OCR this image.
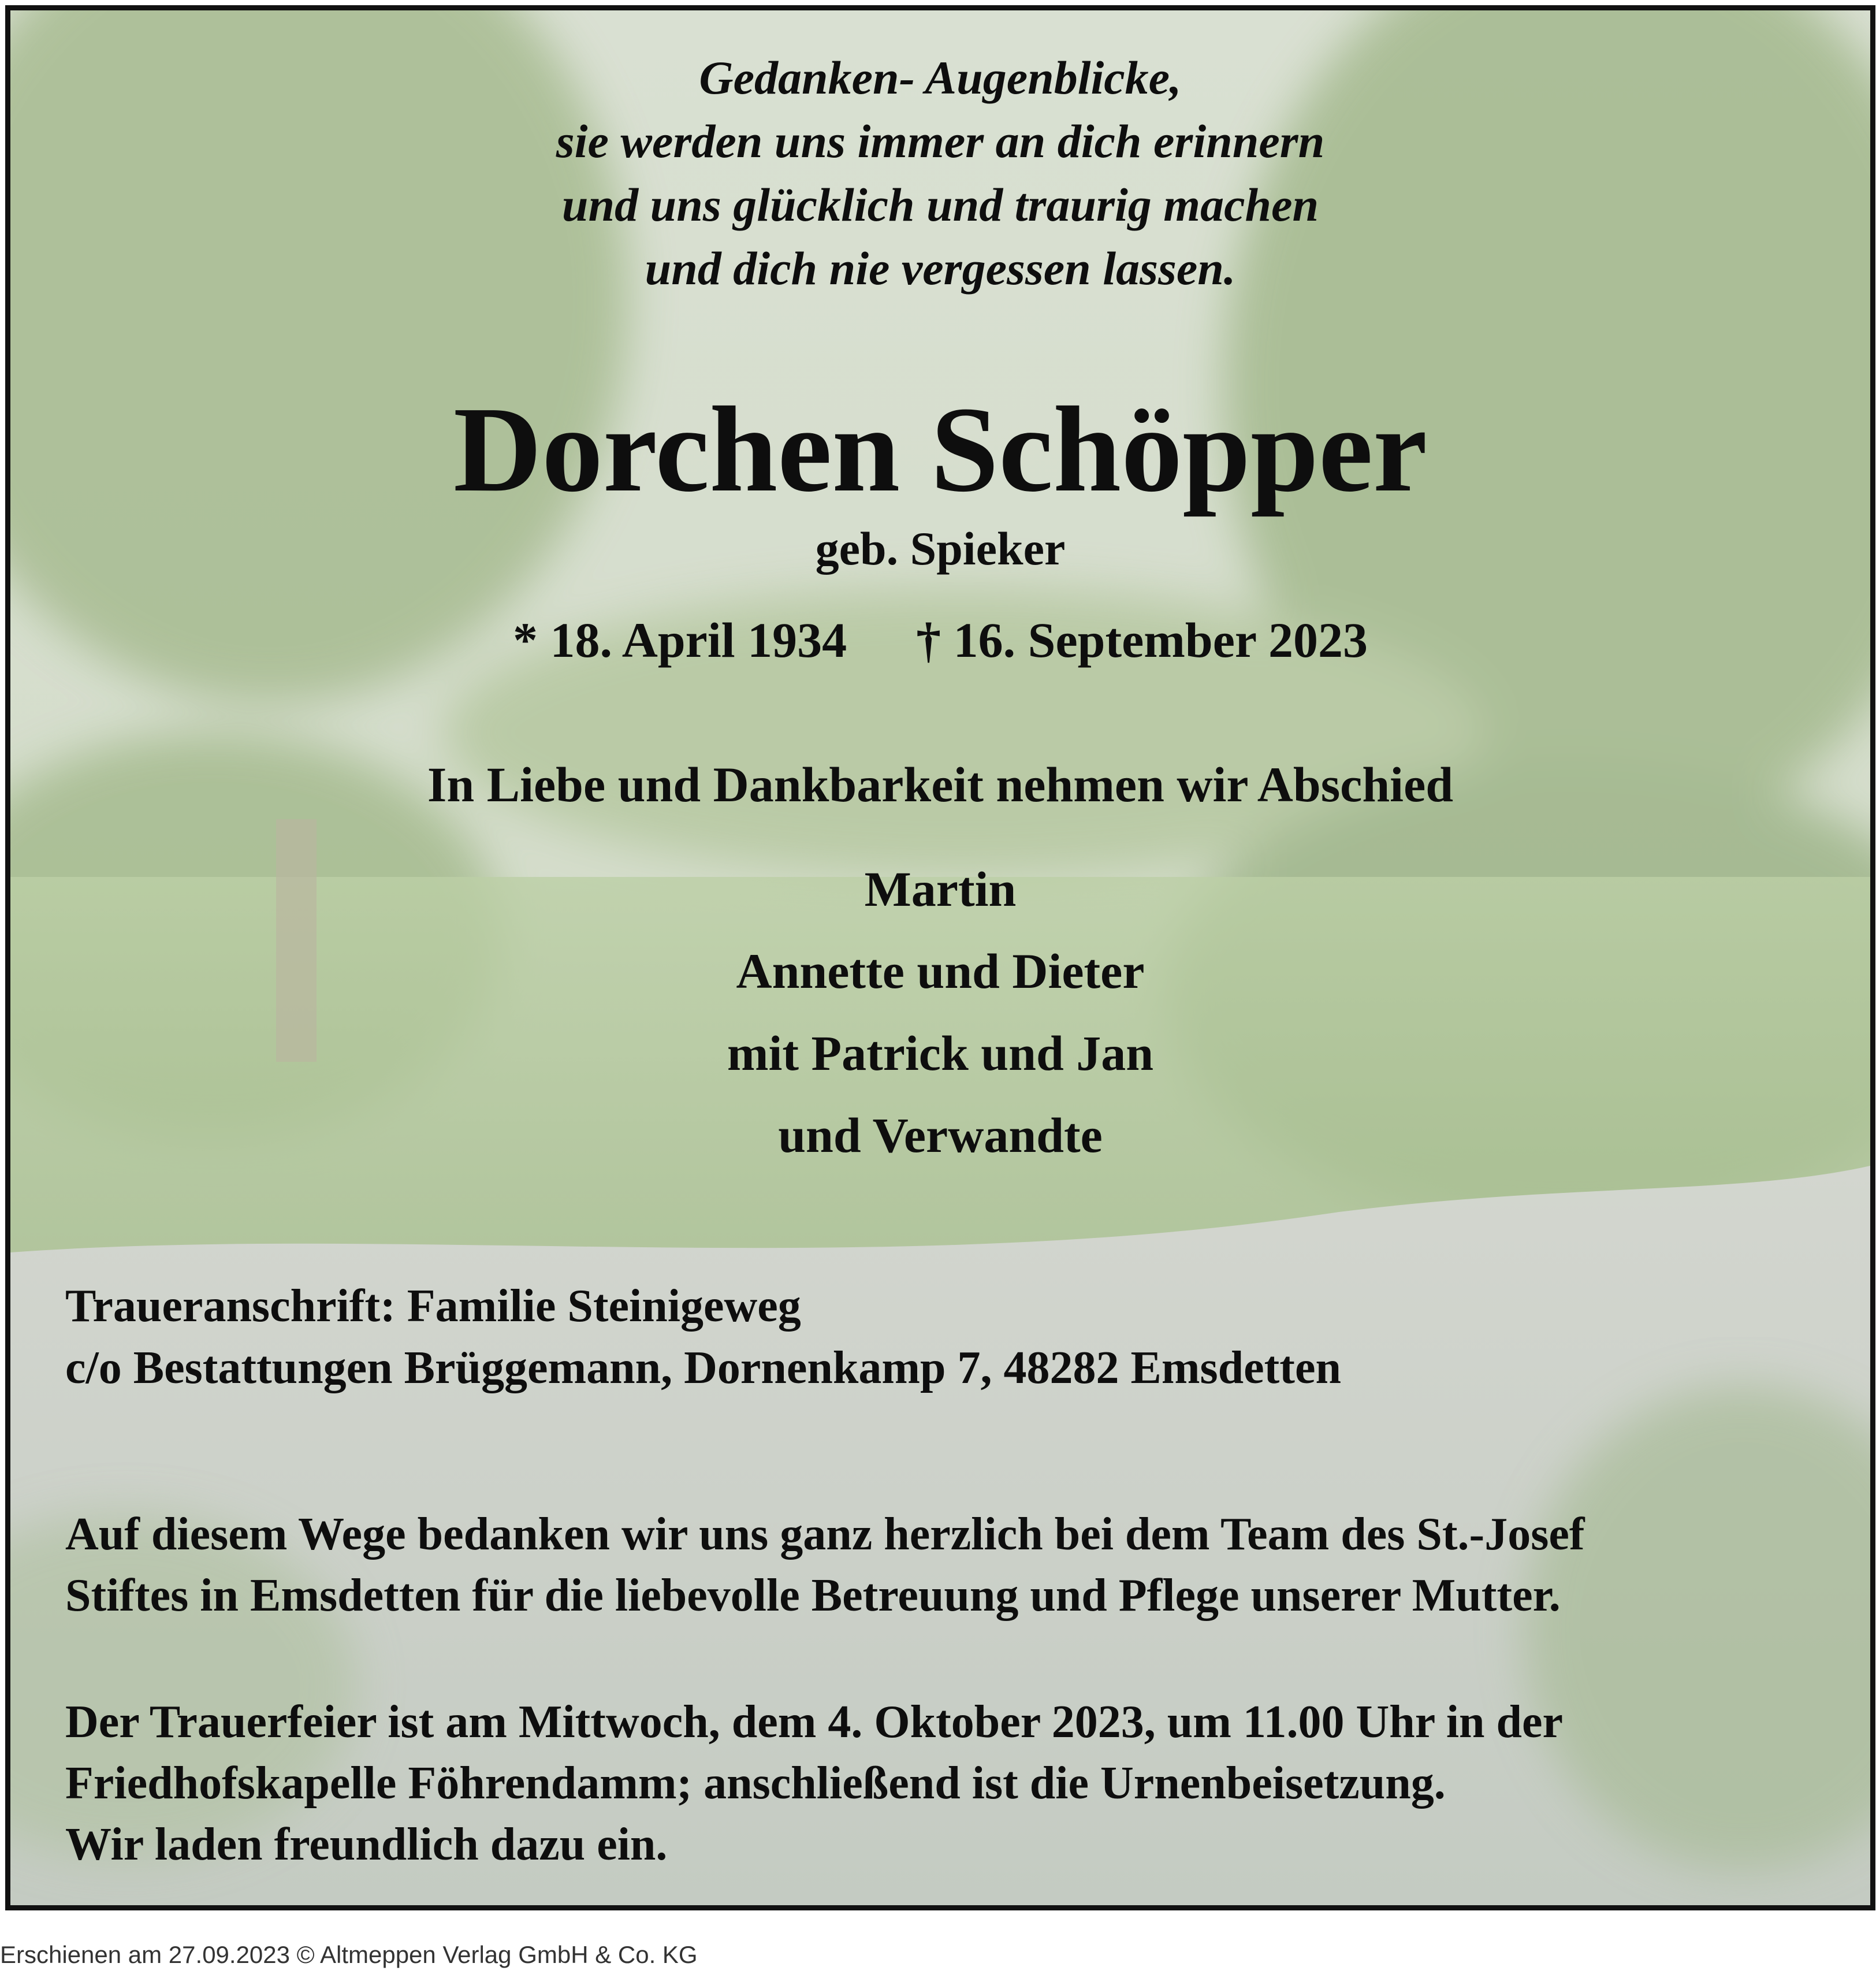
Gedanken- Augenblicke,

sie werden uns immer an dich erinnern

und uns glücklich und traurig machen

und dich nie vergessen lassen.

Dorchen Schöpper

geb. Spieker

* 18. April 1934 † 16. September 2023

In Liebe und Dankbarkeit nehmen wir Abschied

Martin

Annette und Dieter

mit Patrick und Jan

und Verwandte

Traueranschrift: Familie Steinigeweg

c/o Bestattungen Brüggemann, Dornenkamp 7, 48282 Emsdetten

Auf diesem Wege bedanken wir uns ganz herzlich bei dem Team des St.-Josef

Stiftes in Emsdetten für die liebevolle Betreuung und Pflege unserer Mutter.

Der Trauerfeier ist am Mittwoch, dem 4. Oktober 2023, um 11.00 Uhr in der

Friedhofskapelle Föhrendamm; anschließend ist die Urnenbeisetzung.

Wir laden freundlich dazu ein.

Erschienen am 27.09.2023 © Altmeppen Verlag GmbH & Co. KG
